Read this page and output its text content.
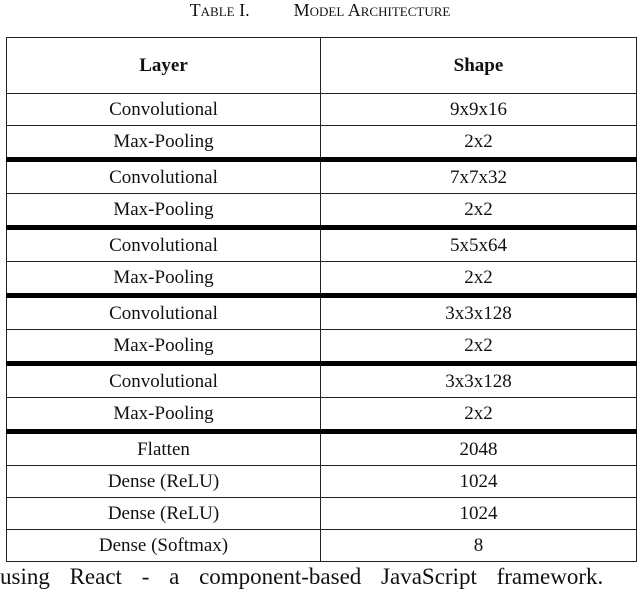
Table I. Model Architecture
Layer	Shape
Convolutional	9x9x16
Max-Pooling	2x2
Convolutional	7x7x32
Max-Pooling	2x2
Convolutional	5x5x64
Max-Pooling	2x2
Convolutional	3x3x128
Max-Pooling	2x2
Convolutional	3x3x128
Max-Pooling	2x2
Flatten	2048
Dense (ReLU)	1024
Dense (ReLU)	1024
Dense (Softmax)	8
using React - a component-based JavaScript framework.
